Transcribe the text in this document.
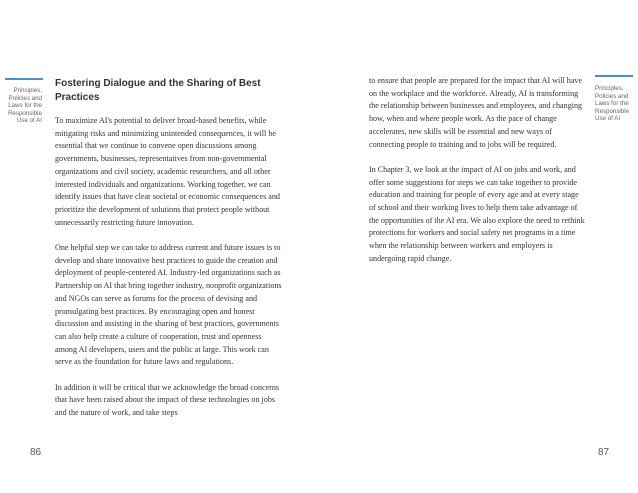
Principles, Policies and Laws for the Responsible Use of AI
Fostering Dialogue and the Sharing of Best Practices

To maximize AI's potential to deliver broad-based benefits, while mitigating risks and minimizing unintended consequences, it will be essential that we continue to convene open discussions among governments, businesses, representatives from non-governmental organizations and civil society, academic researchers, and all other interested individuals and organizations. Working together, we can identify issues that have clear societal or economic consequences and prioritize the development of solutions that protect people without unnecessarily restricting future innovation.

One helpful step we can take to address current and future issues is to develop and share innovative best practices to guide the creation and deployment of people-centered AI. Industry-led organizations such as Partnership on AI that bring together industry, nonprofit organizations and NGOs can serve as forums for the process of devising and promulgating best practices. By encouraging open and honest discussion and assisting in the sharing of best practices, governments can also help create a culture of cooperation, trust and openness among AI developers, users and the public at large. This work can serve as the foundation for future laws and regulations.

In addition it will be critical that we acknowledge the broad concerns that have been raised about the impact of these technologies on jobs and the nature of work, and take steps

86

to ensure that people are prepared for the impact that AI will have on the workplace and the workforce. Already, AI is transforming the relationship between businesses and employees, and changing how, when and where people work. As the pace of change accelerates, new skills will be essential and new ways of connecting people to training and to jobs will be required.

In Chapter 3, we look at the impact of AI on jobs and work, and offer some suggestions for steps we can take together to provide education and training for people of every age and at every stage of school and their working lives to help them take advantage of the opportunities of the AI era. We also explore the need to rethink protections for workers and social safety net programs in a time when the relationship between workers and employers is undergoing rapid change.

Principles, Policies and Laws for the Responsible Use of AI
87
